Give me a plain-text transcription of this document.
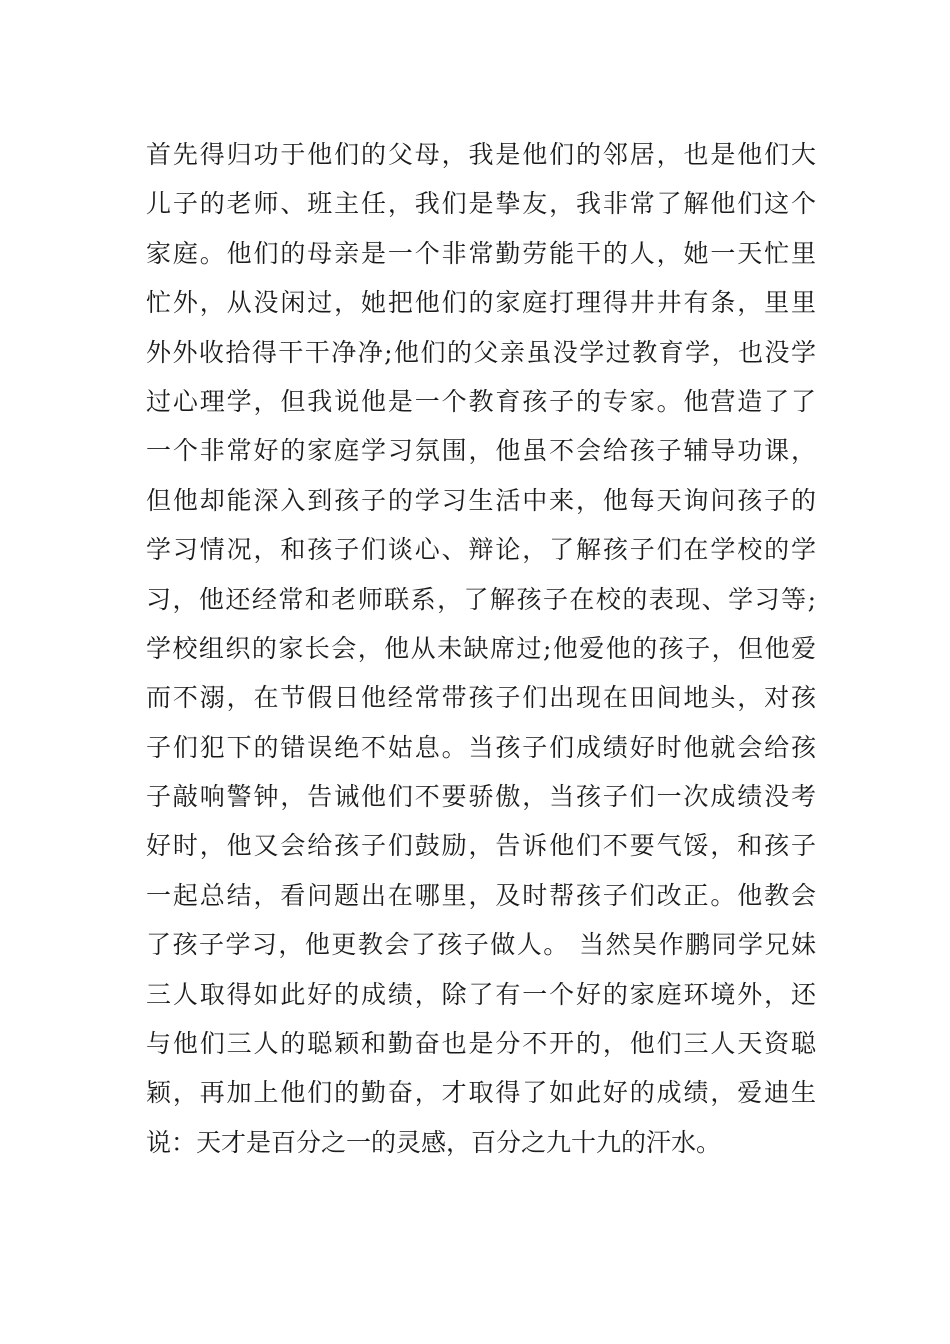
首先得归功于他们的父母，我是他们的邻居，也是他们大
儿子的老师、班主任，我们是挚友，我非常了解他们这个
家庭。他们的母亲是一个非常勤劳能干的人，她一天忙里
忙外，从没闲过，她把他们的家庭打理得井井有条，里里
外外收拾得干干净净;他们的父亲虽没学过教育学，也没学
过心理学，但我说他是一个教育孩子的专家。他营造了了
一个非常好的家庭学习氛围，他虽不会给孩子辅导功课，
但他却能深入到孩子的学习生活中来，他每天询问孩子的
学习情况，和孩子们谈心、辩论，了解孩子们在学校的学
习，他还经常和老师联系，了解孩子在校的表现、学习等;
学校组织的家长会，他从未缺席过;他爱他的孩子，但他爱
而不溺，在节假日他经常带孩子们出现在田间地头，对孩
子们犯下的错误绝不姑息。当孩子们成绩好时他就会给孩
子敲响警钟，告诫他们不要骄傲，当孩子们一次成绩没考
好时，他又会给孩子们鼓励，告诉他们不要气馁，和孩子
一起总结，看问题出在哪里，及时帮孩子们改正。他教会
了孩子学习，他更教会了孩子做人。 当然吴作鹏同学兄妹
三人取得如此好的成绩，除了有一个好的家庭环境外，还
与他们三人的聪颖和勤奋也是分不开的，他们三人天资聪
颖，再加上他们的勤奋，才取得了如此好的成绩，爱迪生
说：天才是百分之一的灵感，百分之九十九的汗水。
